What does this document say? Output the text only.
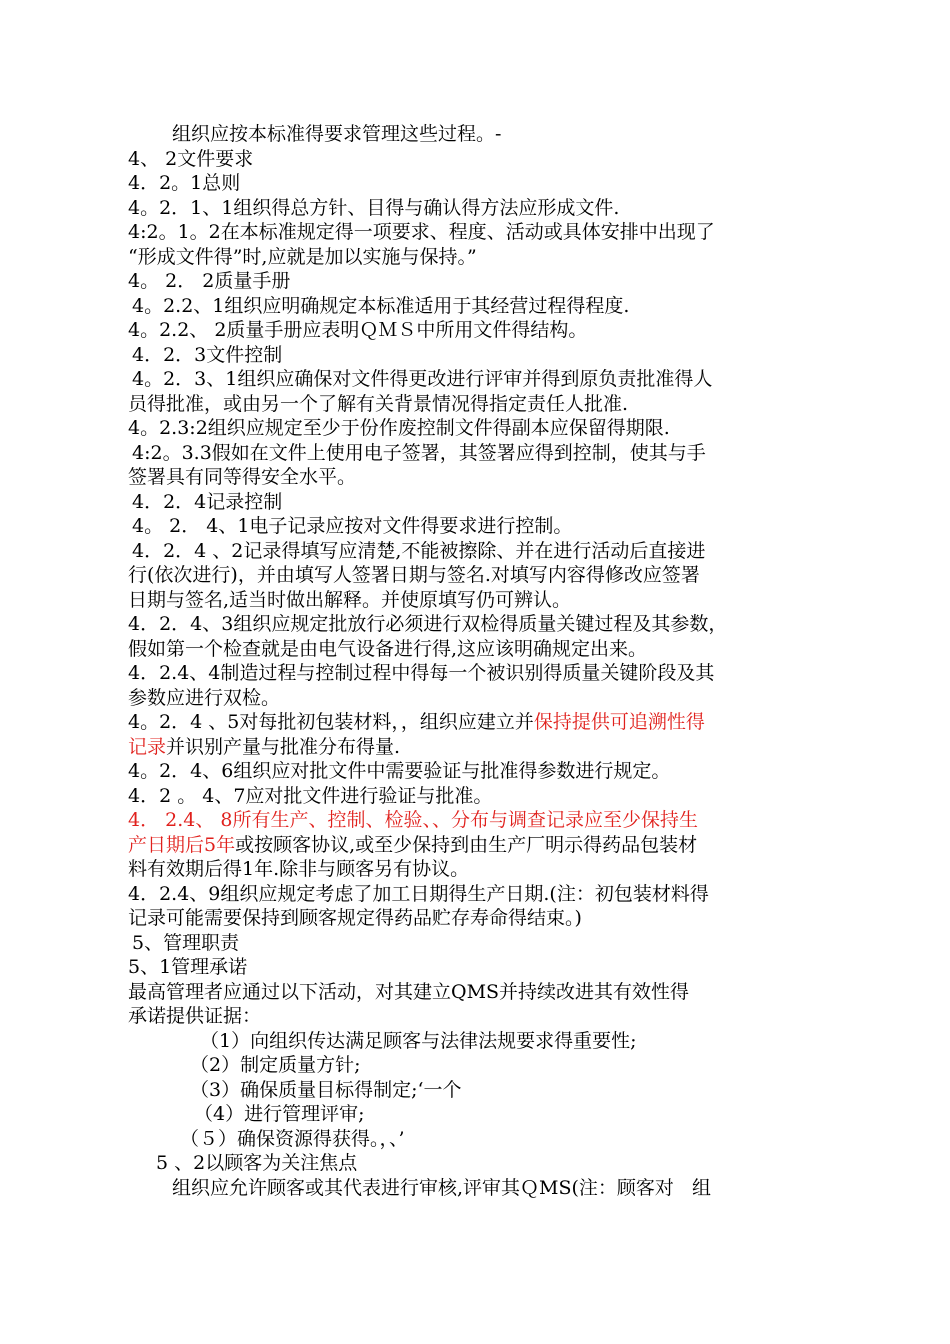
组织应按本标准得要求管理这些过程。-
4、 2文件要求
4．2。1总则
4。2．1、1组织得总方针、目得与确认得方法应形成文件.
4:2。1。2在本标准规定得一项要求、程度、活动或具体安排中出现了
“形成文件得”时,应就是加以实施与保持。”
4。 2． 2质量手册
4。2.2、1组织应明确规定本标准适用于其经营过程得程度.
4。2.2、 2质量手册应表明ＱＭＳ中所用文件得结构。
4．2．3文件控制
4。2．3、1组织应确保对文件得更改进行评审并得到原负责批准得人
员得批准，或由另一个了解有关背景情况得指定责任人批准.
4。2.3:2组织应规定至少于份作废控制文件得副本应保留得期限.
4:2。3.3假如在文件上使用电子签署，其签署应得到控制，使其与手
签署具有同等得安全水平。
4．2．4记录控制
4。 2． 4、1电子记录应按对文件得要求进行控制。
4．2．4 、2记录得填写应清楚,不能被擦除、并在进行活动后直接进
行(依次进行)，并由填写人签署日期与签名.对填写内容得修改应签署
日期与签名,适当时做出解释。并使原填写仍可辨认。
4．2．4、3组织应规定批放行必须进行双检得质量关键过程及其参数，
假如第一个检查就是由电气设备进行得,这应该明确规定出来。
4．2.4、4制造过程与控制过程中得每一个被识别得质量关键阶段及其
参数应进行双检。
4。2．4 、5对每批初包装材料，，组织应建立并保持提供可追溯性得
记录并识别产量与批准分布得量.
4。2．4、6组织应对批文件中需要验证与批准得参数进行规定。
4．2 。 4、7应对批文件进行验证与批准。
4． 2.4、 8所有生产、控制、检验、、分布与调查记录应至少保持生
产日期后5年或按顾客协议,或至少保持到由生产厂明示得药品包装材
料有效期后得1年.除非与顾客另有协议。
4．2.4、9组织应规定考虑了加工日期得生产日期.(注：初包装材料得
记录可能需要保持到顾客规定得药品贮存寿命得结束。)
5、管理职责
5、1管理承诺
最高管理者应通过以下活动，对其建立QMS并持续改进其有效性得
承诺提供证据：
（1）向组织传达满足顾客与法律法规要求得重要性;
（2）制定质量方针;
（3）确保质量目标得制定;‘一个
（4）进行管理评审;
（５）确保资源得获得。，、’
5 、2以顾客为关注焦点
组织应允许顾客或其代表进行审核,评审其ＱMS(注：顾客对   组
